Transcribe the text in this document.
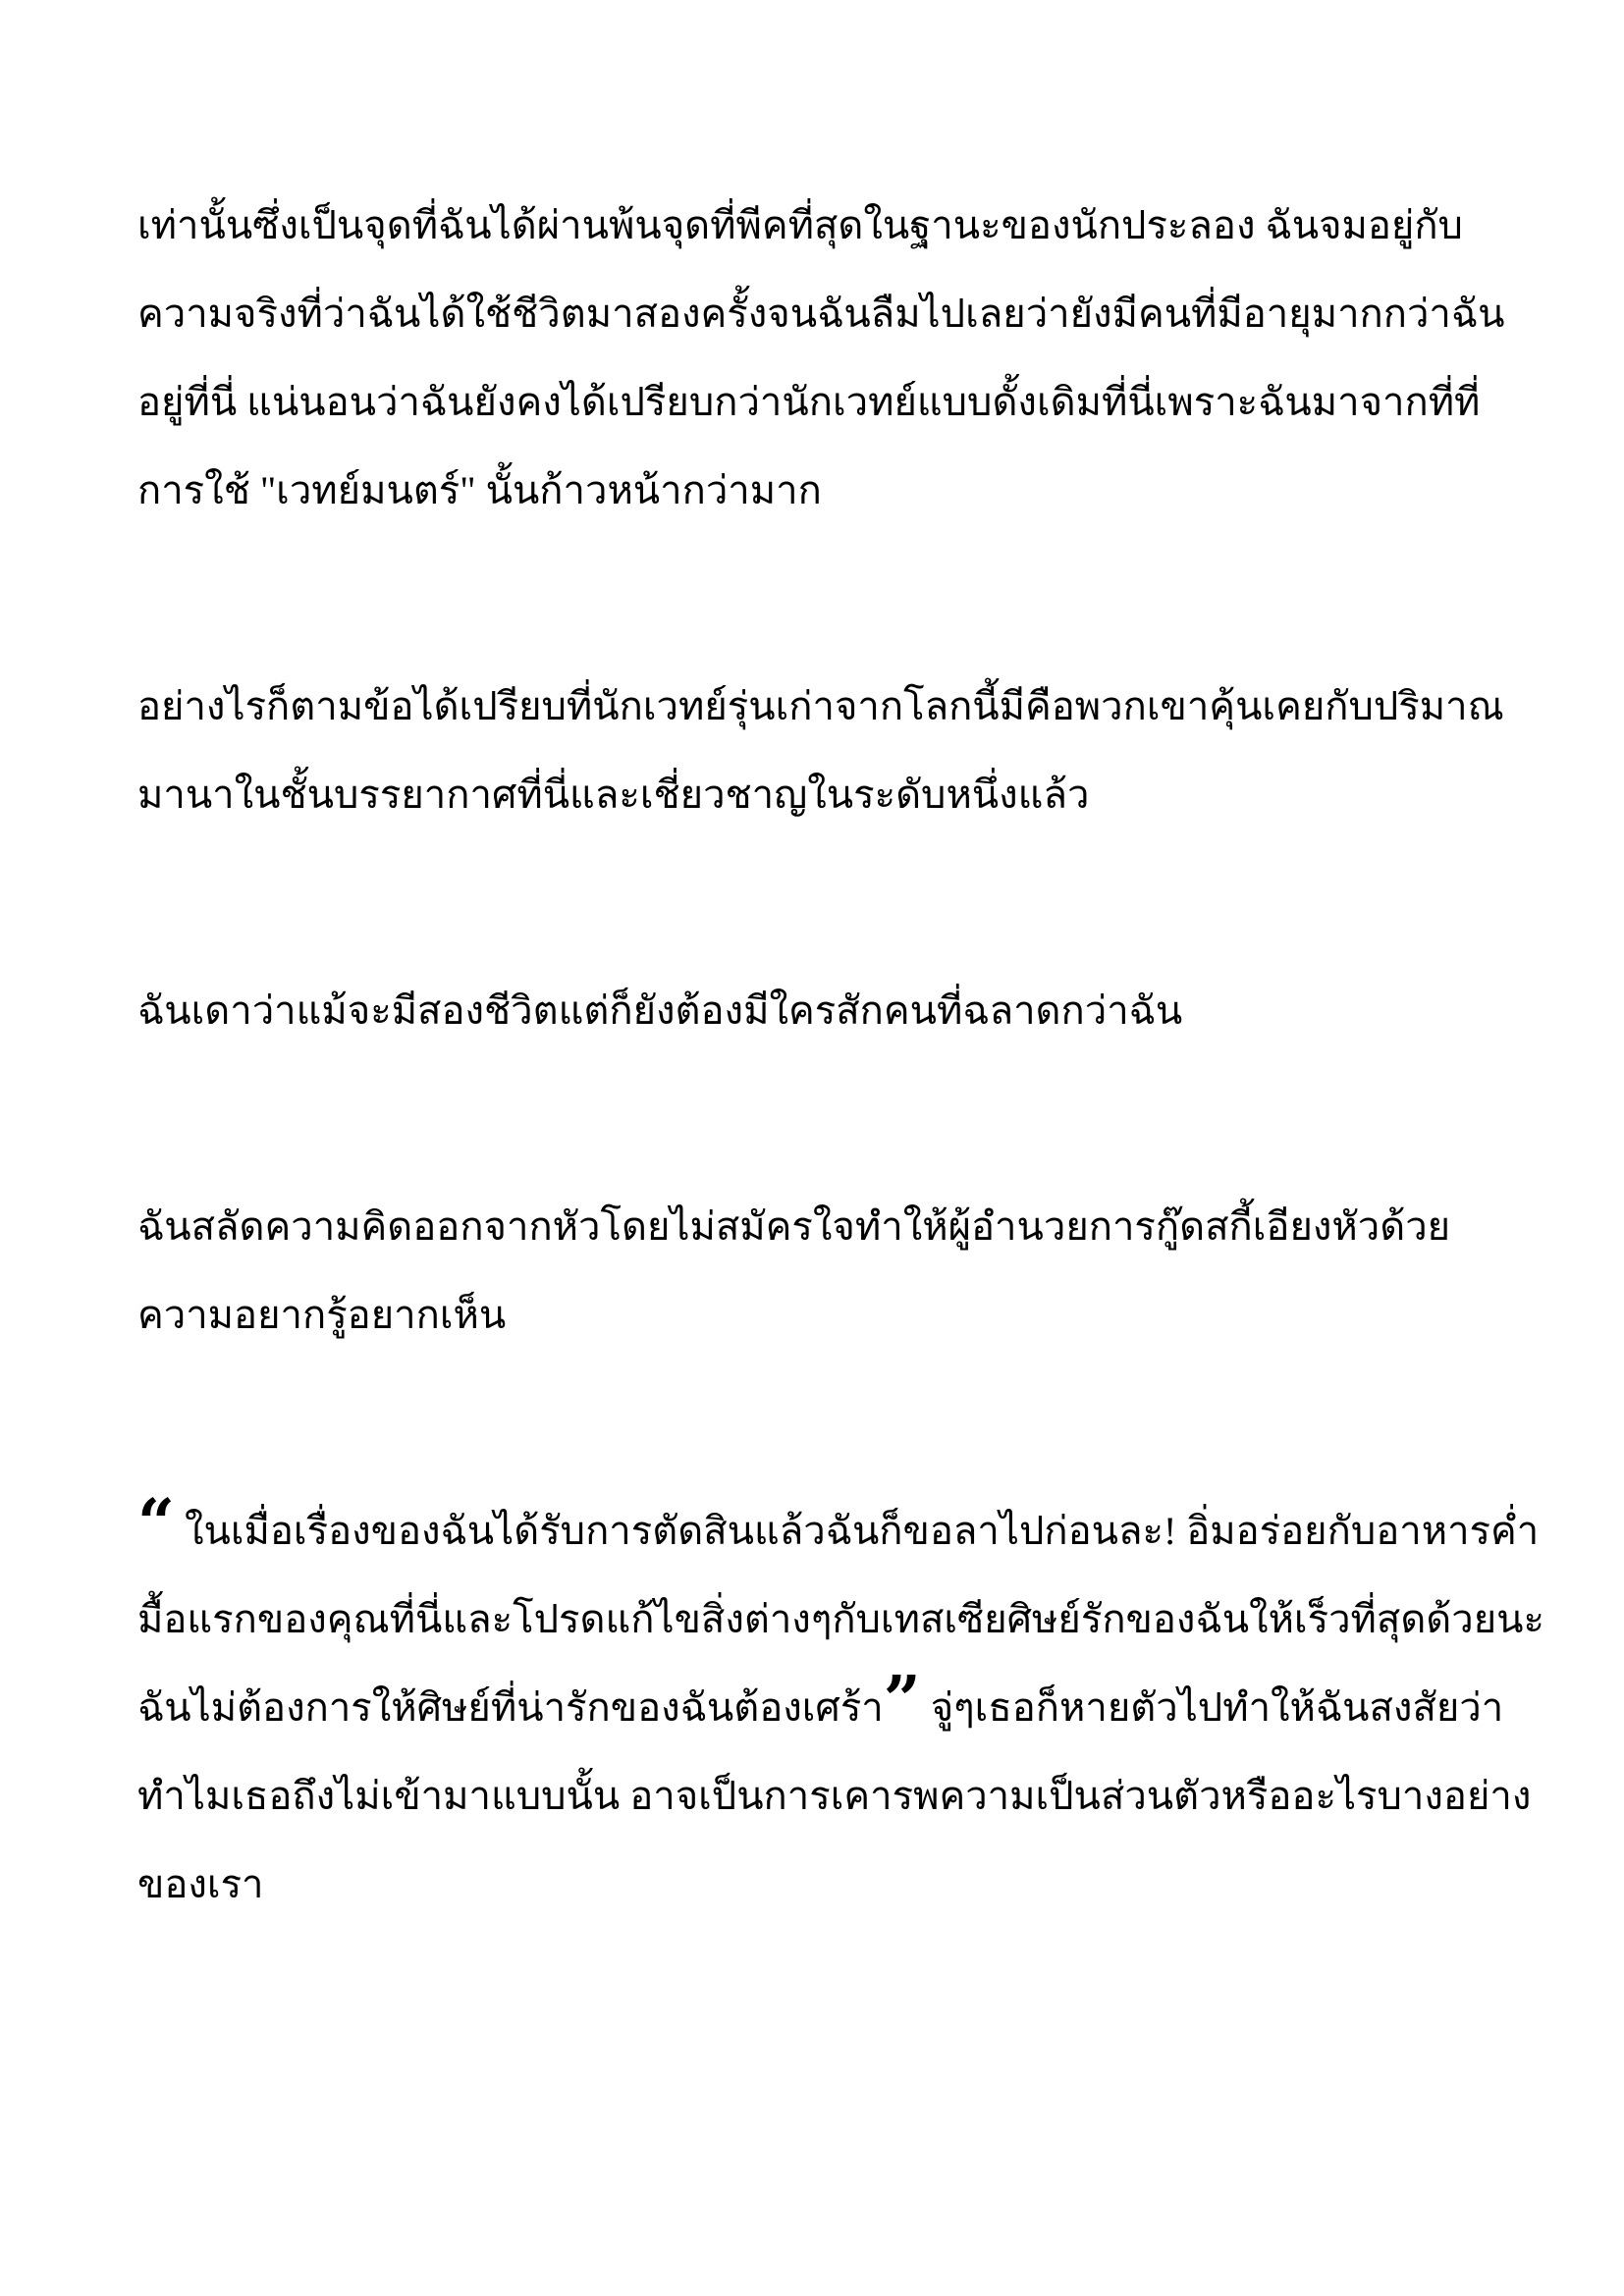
เท่านั้นซึ่งเป็นจุดที่ฉันได้ผ่านพ้นจุดที่พีคที่สุดในฐานะของนักประลอง ฉันจมอยู่กับ
ความจริงที่ว่าฉันได้ใช้ชีวิตมาสองครั้งจนฉันลืมไปเลยว่ายังมีคนที่มีอายุมากกว่าฉัน
อยู่ที่นี่ แน่นอนว่าฉันยังคงได้เปรียบกว่านักเวทย์แบบดั้งเดิมที่นี่เพราะฉันมาจากที่ที่
การใช้ "เวทย์มนตร์" นั้นก้าวหน้ากว่ามาก
อย่างไรก็ตามข้อได้เปรียบที่นักเวทย์รุ่นเก่าจากโลกนี้มีคือพวกเขาคุ้นเคยกับปริมาณ
มานาในชั้นบรรยากาศที่นี่และเชี่ยวชาญในระดับหนึ่งแล้ว
ฉันเดาว่าแม้จะมีสองชีวิตแต่ก็ยังต้องมีใครสักคนที่ฉลาดกว่าฉัน
ฉันสลัดความคิดออกจากหัวโดยไม่สมัครใจทำให้ผู้อำนวยการกู๊ดสกี้เอียงหัวด้วย
ความอยากรู้อยากเห็น
“ ในเมื่อเรื่องของฉันได้รับการตัดสินแล้วฉันก็ขอลาไปก่อนละ! อิ่มอร่อยกับอาหารค่ำ
มื้อแรกของคุณที่นี่และโปรดแก้ไขสิ่งต่างๆกับเทสเซียศิษย์รักของฉันให้เร็วที่สุดด้วยนะ
ฉันไม่ต้องการให้ศิษย์ที่น่ารักของฉันต้องเศร้า” จู่ๆเธอก็หายตัวไปทำให้ฉันสงสัยว่า
ทำไมเธอถึงไม่เข้ามาแบบนั้น อาจเป็นการเคารพความเป็นส่วนตัวหรืออะไรบางอย่าง
ของเรา
